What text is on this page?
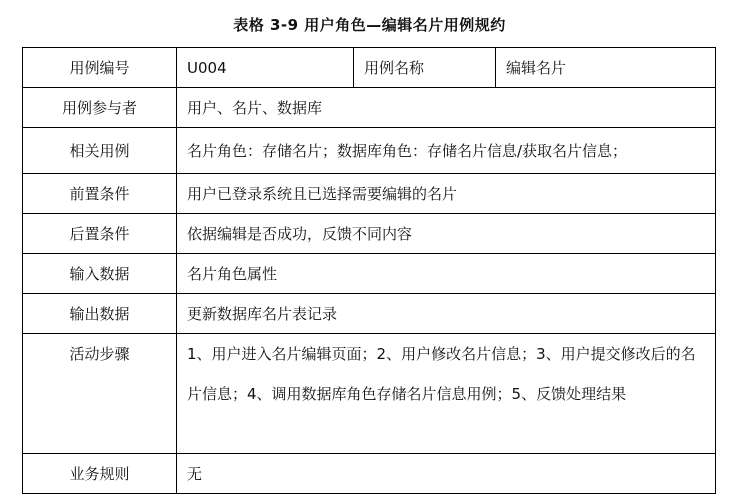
表格 3-9 用户角色—编辑名片用例规约
用例编号	U004	用例名称	编辑名片
用例参与者	用户、名片、数据库		
相关用例	名片角色：存储名片；数据库角色：存储名片信息/获取名片信息；		
前置条件	用户已登录系统且已选择需要编辑的名片		
后置条件	依据编辑是否成功，反馈不同内容		
输入数据	名片角色属性		
输出数据	更新数据库名片表记录		
活动步骤	1、用户进入名片编辑页面；2、用户修改名片信息；3、用户提交修改后的名片信息；4、调用数据库角色存储名片信息用例；5、反馈处理结果		
业务规则	无		
